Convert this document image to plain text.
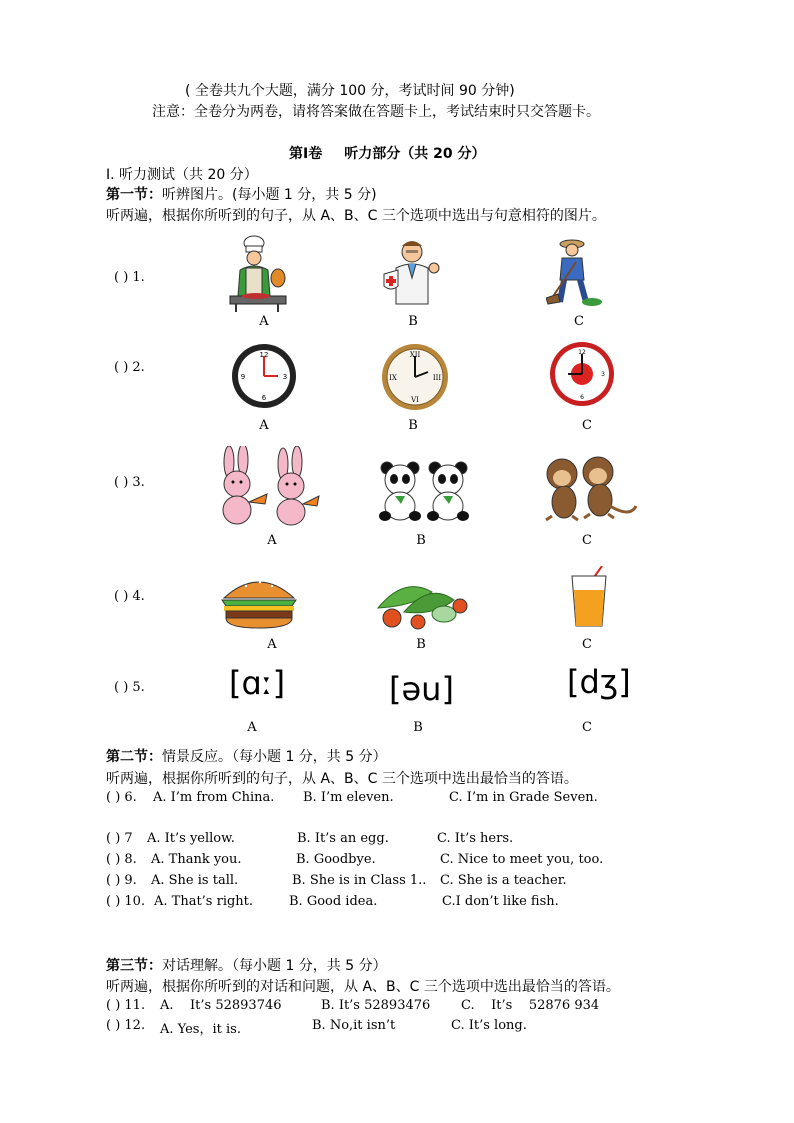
( 全卷共九个大题，满分 100 分，考试时间 90 分钟)
注意：全卷分为两卷，请将答案做在答题卡上，考试结束时只交答题卡。
第Ⅰ卷 听力部分（共 20 分）
I. 听力测试（共 20 分）
第一节：听辨图片。(每小题 1 分，共 5 分)
听两遍，根据你所听到的句子，从 A、B、C 三个选项中选出与句意相符的图片。
( ) 1.
A	B	C
( ) 2.
12
3
6
9
XII
III
VI
IX
12
3
6
A	B	C
( ) 3.
A	B	C
( ) 4.
A	B	C
( ) 5.	[ɑː]	[əu]	[dʒ]
A	B	C
第二节：情景反应。（每小题 1 分，共 5 分）
听两遍，根据你所听到的句子，从 A、B、C 三个选项中选出最恰当的答语。
( ) 6. A. I’m from China. B. I’m eleven.	C. I’m in Grade Seven.
( ) 7 A. It’s yellow.	B. It’s an egg.	C. It’s hers.
( ) 8. A. Thank you.	B. Goodbye.	C. Nice to meet you, too.
( ) 9. A. She is tall.	B. She is in Class 1.. C. She is a teacher.
( ) 10. A. That’s right.	B. Good idea.	C.I don’t like fish.
第三节：对话理解。（每小题 1 分，共 5 分）
听两遍，根据你所听到的对话和问题，从 A、B、C 三个选项中选出最恰当的答语。
( ) 11. A.    It’s 52893746	B. It’s 52893476 C.    It’s    52876 934
( ) 12. A. Yes，it is.	B. No,it isn’t	C. It’s long.
